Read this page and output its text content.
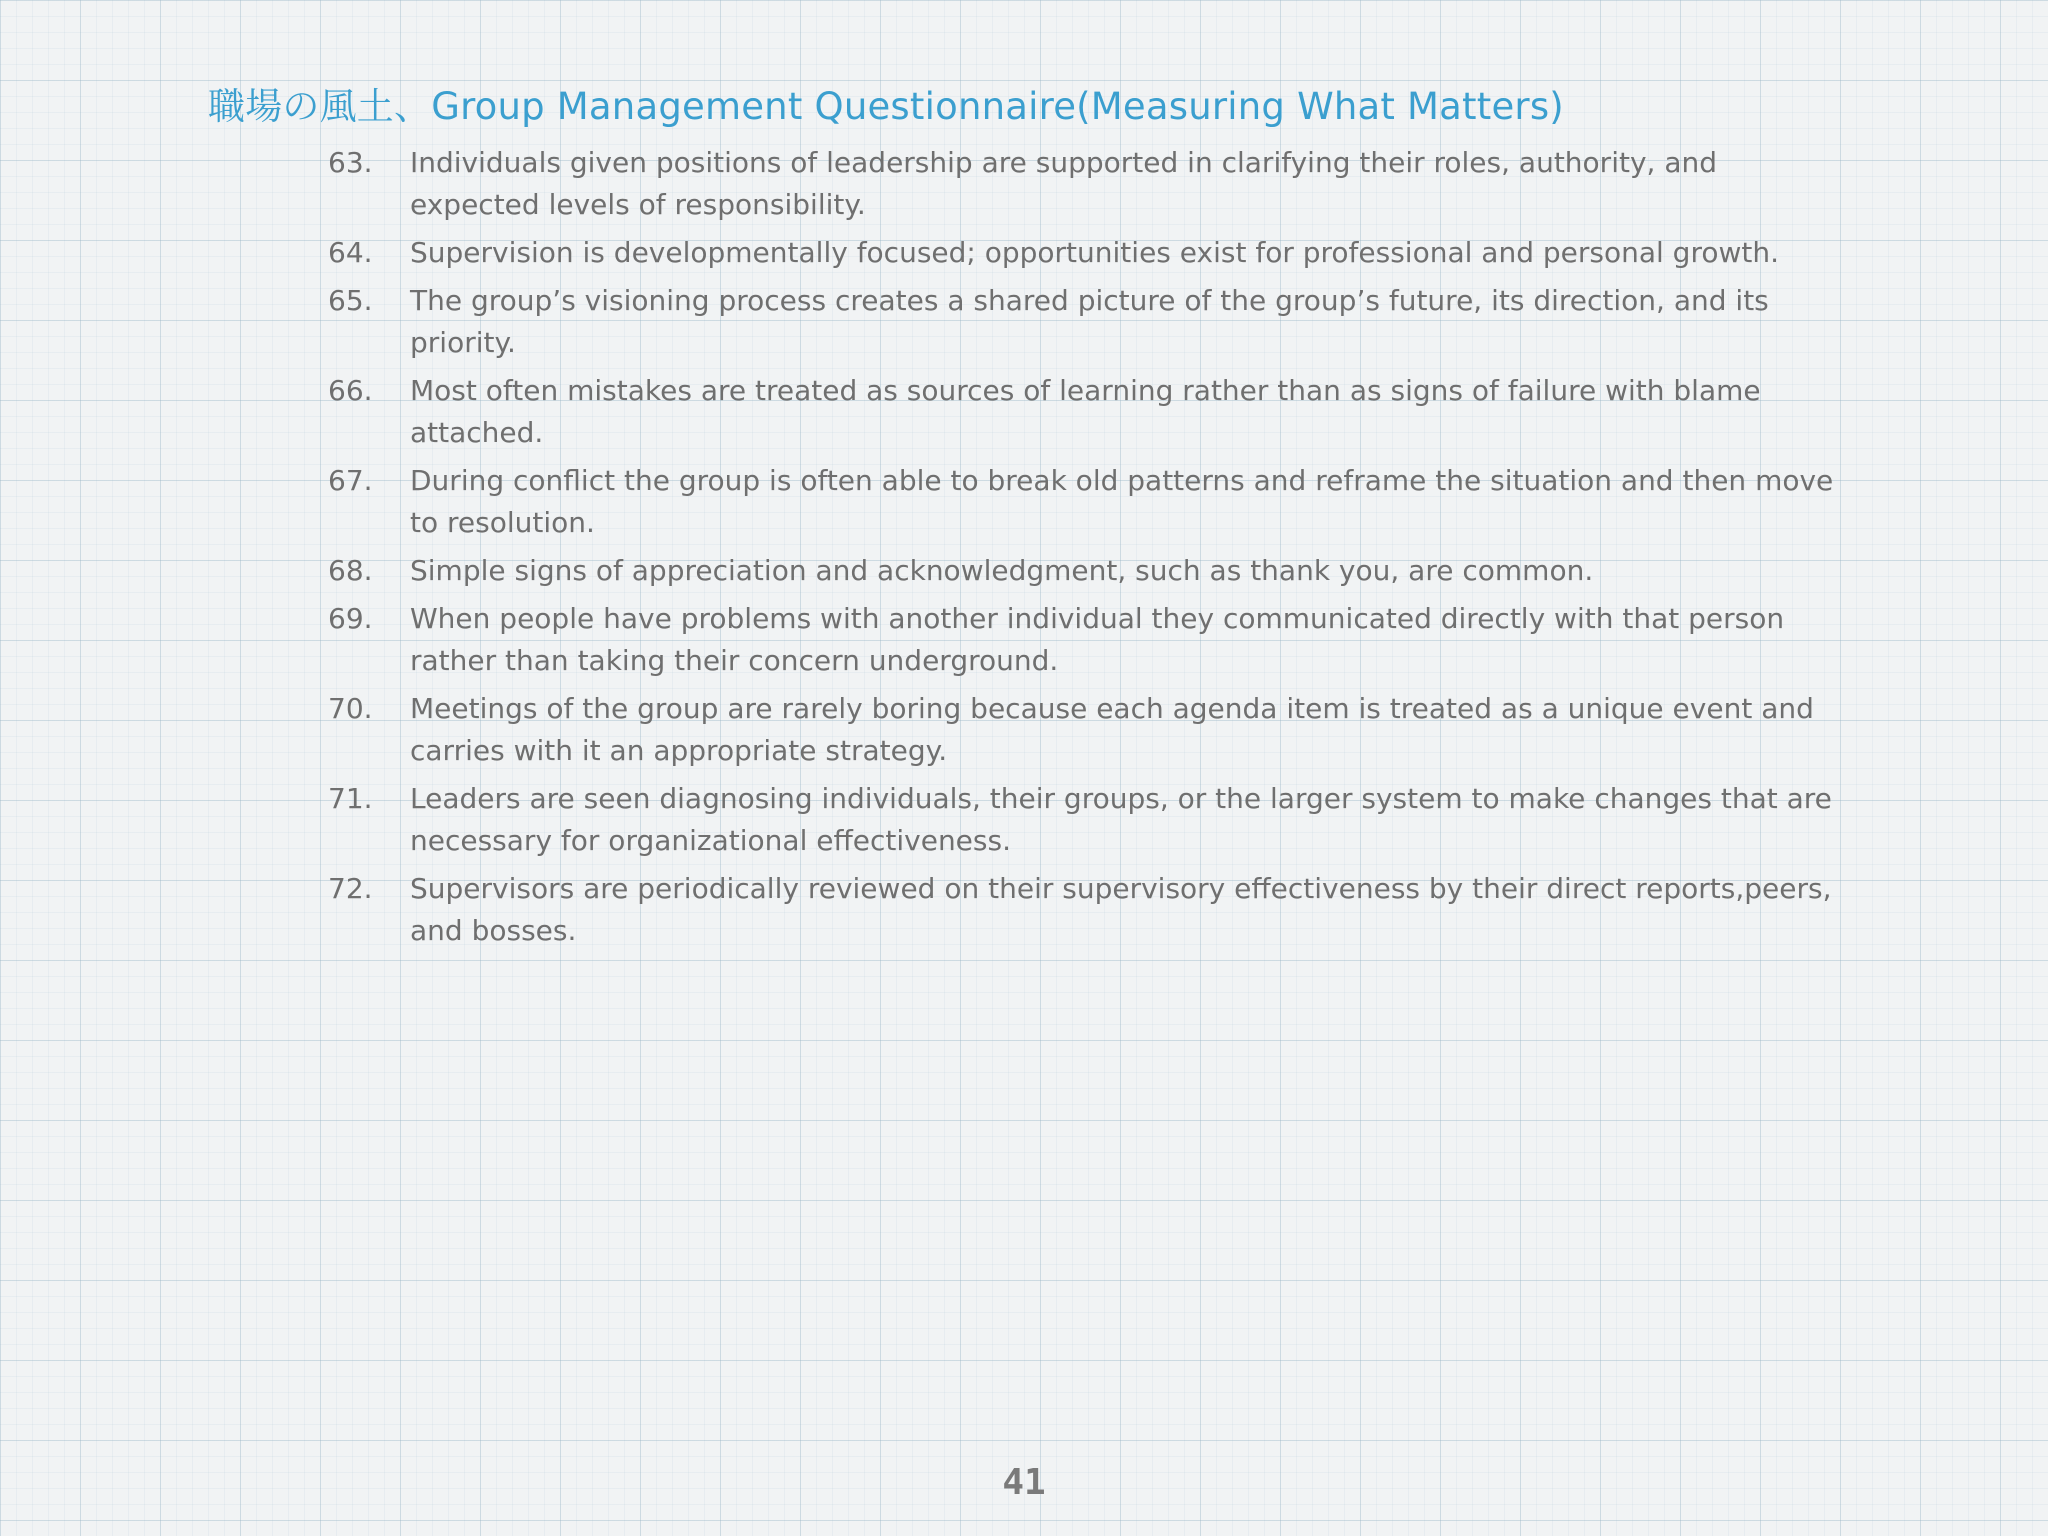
職場の風土、Group Management Questionnaire(Measuring What Matters)
63. Individuals given positions of leadership are supported in clarifying their roles, authority, and expected levels of responsibility.
64. Supervision is developmentally focused; opportunities exist for professional and personal growth.
65. The group’s visioning process creates a shared picture of the group’s future, its direction, and its priority.
66. Most often mistakes are treated as sources of learning rather than as signs of failure with blame attached.
67. During conflict the group is often able to break old patterns and reframe the situation and then move to resolution.
68. Simple signs of appreciation and acknowledgment, such as thank you, are common.
69. When people have problems with another individual they communicated directly with that person rather than taking their concern underground.
70. Meetings of the group are rarely boring because each agenda item is treated as a unique event and carries with it an appropriate strategy.
71. Leaders are seen diagnosing individuals, their groups, or the larger system to make changes that are necessary for organizational effectiveness.
72. Supervisors are periodically reviewed on their supervisory effectiveness by their direct reports,peers, and bosses.
41
